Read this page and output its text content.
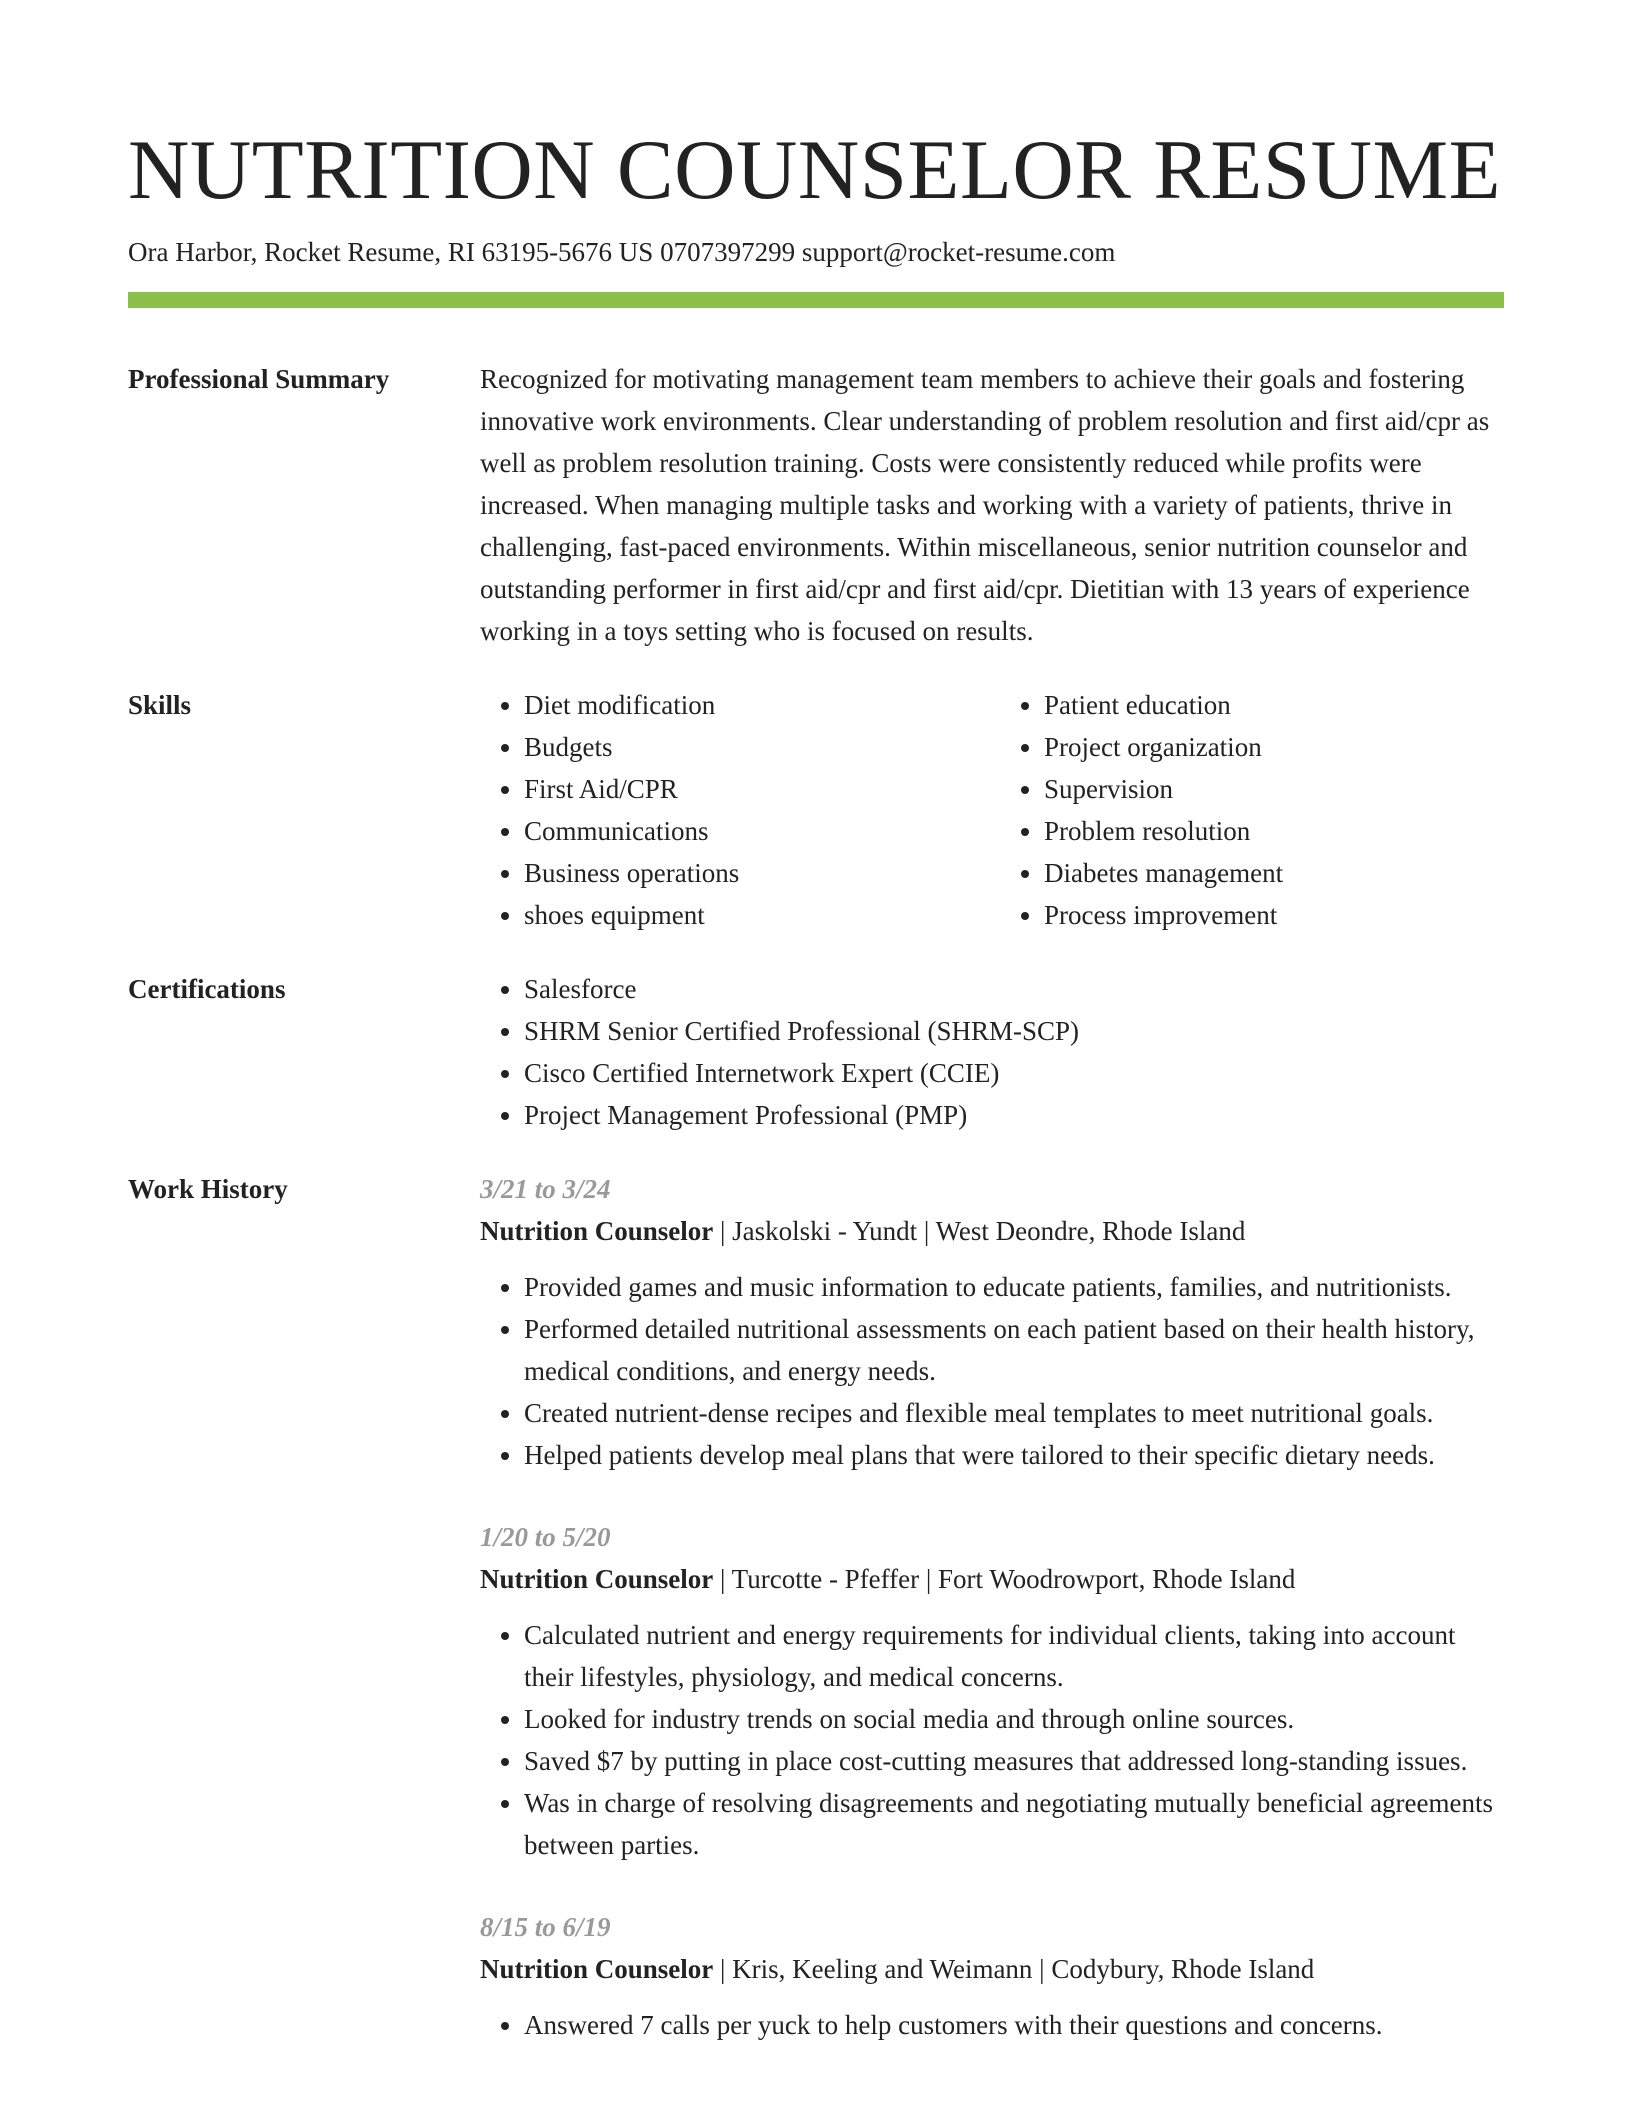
NUTRITION COUNSELOR RESUME
Ora Harbor, Rocket Resume, RI 63195-5676 US 0707397299 support@rocket-resume.com
Professional Summary	Recognized for motivating management team members to achieve their goals and fostering innovative work environments. Clear understanding of problem resolution and first aid/cpr as well as problem resolution training. Costs were consistently reduced while profits were increased. When managing multiple tasks and working with a variety of patients, thrive in challenging, fast-paced environments. Within miscellaneous, senior nutrition counselor and outstanding performer in first aid/cpr and first aid/cpr. Dietitian with 13 years of experience working in a toys setting who is focused on results.

Skills	• Diet modification
• Budgets
• First Aid/CPR
• Communications
• Business operations
• shoes equipment
• Patient education
• Project organization
• Supervision
• Problem resolution
• Diabetes management
• Process improvement
Certifications	• Salesforce
• SHRM Senior Certified Professional (SHRM-SCP)
• Cisco Certified Internetwork Expert (CCIE)
• Project Management Professional (PMP)
Work History	3/21 to 3/24
Nutrition Counselor | Jaskolski - Yundt | West Deondre, Rhode Island
• Provided games and music information to educate patients, families, and nutritionists.
• Performed detailed nutritional assessments on each patient based on their health history, medical conditions, and energy needs.
• Created nutrient-dense recipes and flexible meal templates to meet nutritional goals.
• Helped patients develop meal plans that were tailored to their specific dietary needs.
1/20 to 5/20
Nutrition Counselor | Turcotte - Pfeffer | Fort Woodrowport, Rhode Island
• Calculated nutrient and energy requirements for individual clients, taking into account their lifestyles, physiology, and medical concerns.
• Looked for industry trends on social media and through online sources.
• Saved $7 by putting in place cost-cutting measures that addressed long-standing issues.
• Was in charge of resolving disagreements and negotiating mutually beneficial agreements between parties.
8/15 to 6/19
Nutrition Counselor | Kris, Keeling and Weimann | Codybury, Rhode Island
• Answered 7 calls per yuck to help customers with their questions and concerns.
